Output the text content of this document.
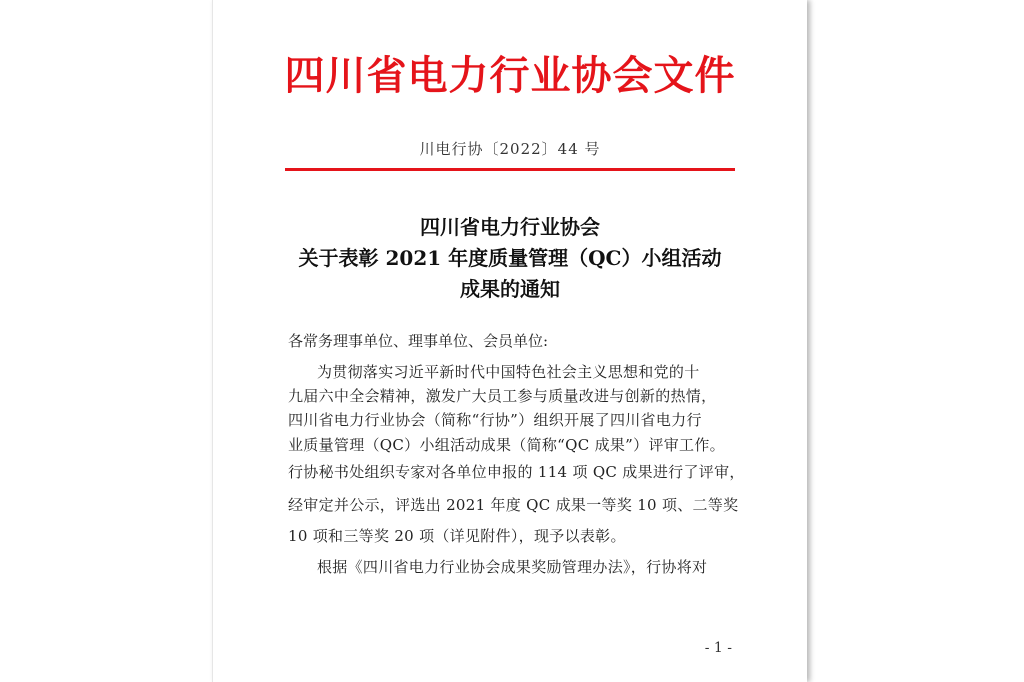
四川省电力行业协会文件
川电行协〔2022〕44 号
四川省电力行业协会
关于表彰 2021 年度质量管理（QC）小组活动
成果的通知
各常务理事单位、理事单位、会员单位:
为贯彻落实习近平新时代中国特色社会主义思想和党的十
九届六中全会精神，激发广大员工参与质量改进与创新的热情，
四川省电力行业协会（简称“行协”）组织开展了四川省电力行
业质量管理（QC）小组活动成果（简称“QC 成果”）评审工作。
行协秘书处组织专家对各单位申报的 114 项 QC 成果进行了评审，
经审定并公示，评选出 2021 年度 QC 成果一等奖 10 项、二等奖
10 项和三等奖 20 项（详见附件），现予以表彰。
根据《四川省电力行业协会成果奖励管理办法》，行协将对
- 1 -
